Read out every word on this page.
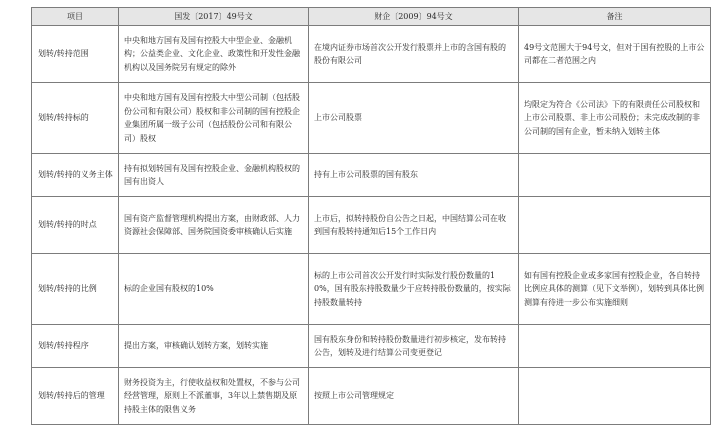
项目	国发〔2017〕49号文	财企〔2009〕94号文	备注
划转/转持范围	中央和地方国有及国有控股大中型企业、金融机构；公益类企业、文化企业、政策性和开发性金融机构以及国务院另有规定的除外	在境内证券市场首次公开发行股票并上市的含国有股的股份有限公司	49号文范围大于94号文，但对于国有控股的上市公司都在二者范围之内
划转/转持标的	中央和地方国有及国有控股大中型公司制（包括股份公司和有限公司）股权和非公司制的国有控股企业集团所属一级子公司（包括股份公司和有限公司）股权	上市公司股票	均限定为符合《公司法》下的有限责任公司股权和上市公司股票、非上市公司股份；未完成改制的非公司制的国有企业，暂未纳入划转主体
划转/转持的义务主体	持有拟划转国有及国有控股企业、金融机构股权的国有出资人	持有上市公司股票的国有股东	
划转/转持的时点	国有资产监督管理机构提出方案，由财政部、人力资源社会保障部、国务院国资委审核确认后实施	上市后，拟转持股份自公告之日起，中国结算公司在收到国有股转持通知后15个工作日内	
划转/转持的比例	标的企业国有股权的10%	标的上市公司首次公开发行时实际发行股份数量的10%，国有股东持股数量少于应转持股份数量的，按实际持股数量转持	如有国有控股企业或多家国有控股企业，各自转持比例应具体的测算（见下文举例），划转到具体比例测算有待进一步公布实施细则
划转/转持程序	提出方案，审核确认划转方案，划转实施	国有股东身份和转持股份数量进行初步核定，发布转持公告，划转及进行结算公司变更登记	
划转/转持后的管理	财务投资为主，行使收益权和处置权，不参与公司经营管理，原则上不派董事，3年以上禁售期及原持股主体的限售义务	按照上市公司管理规定	
